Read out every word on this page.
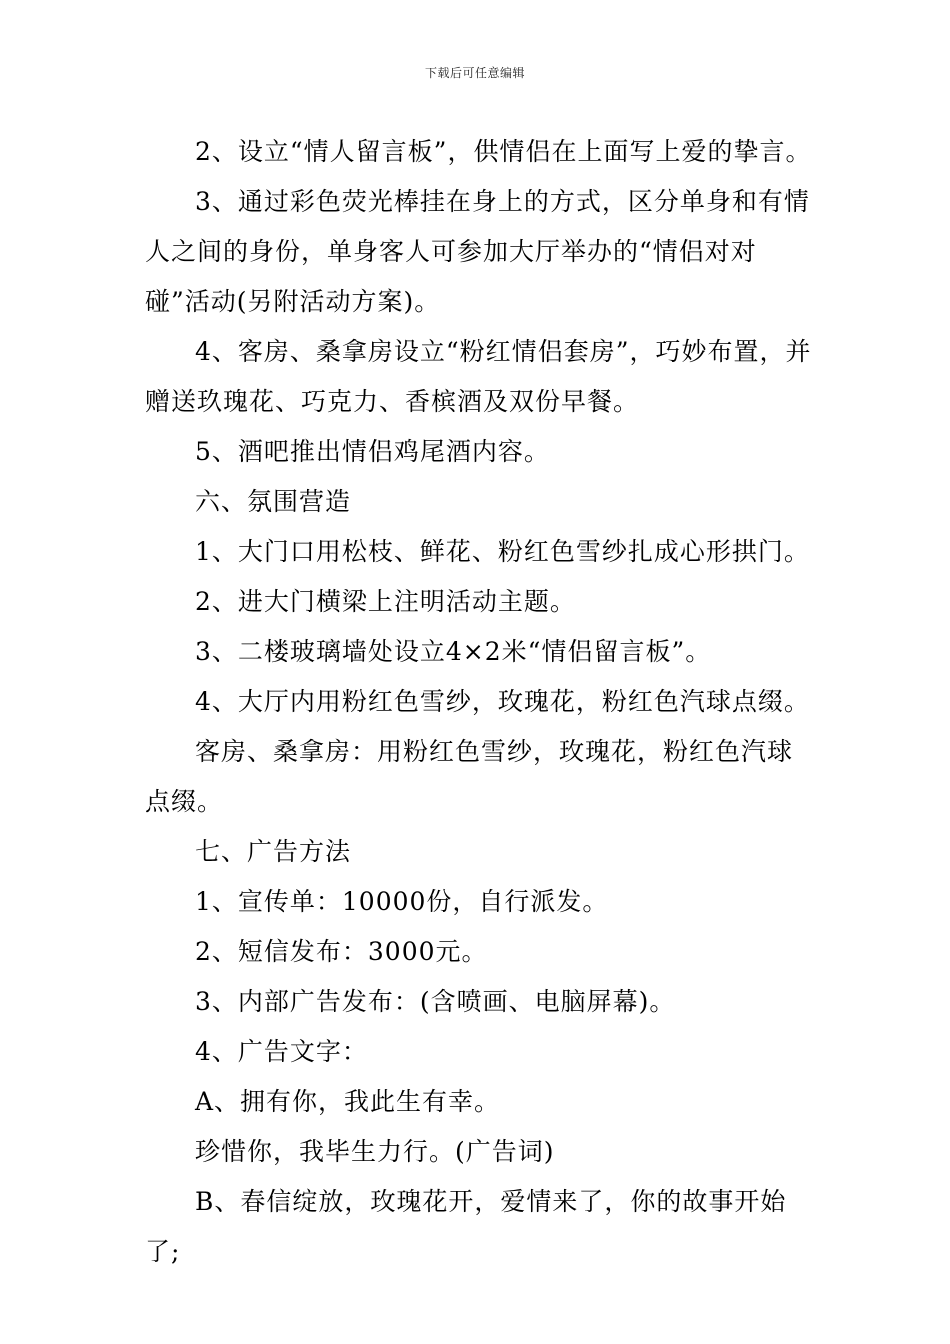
下载后可任意编辑

2、设立“情人留言板”，供情侣在上面写上爱的挚言。

3、通过彩色荧光棒挂在身上的方式，区分单身和有情人之间的身份，单身客人可参加大厅举办的“情侣对对碰”活动(另附活动方案)。

4、客房、桑拿房设立“粉红情侣套房”，巧妙布置，并赠送玖瑰花、巧克力、香槟酒及双份早餐。

5、酒吧推出情侣鸡尾酒内容。

六、氛围营造

1、大门口用松枝、鲜花、粉红色雪纱扎成心形拱门。

2、进大门横梁上注明活动主题。

3、二楼玻璃墙处设立4×2米“情侣留言板”。

4、大厅内用粉红色雪纱，玫瑰花，粉红色汽球点缀。

客房、桑拿房：用粉红色雪纱，玫瑰花，粉红色汽球点缀。

七、广告方法

1、宣传单：10000份，自行派发。

2、短信发布：3000元。

3、内部广告发布：(含喷画、电脑屏幕)。

4、广告文字：

A、拥有你，我此生有幸。

珍惜你，我毕生力行。(广告词)

B、春信绽放，玫瑰花开，爱情来了，你的故事开始了;
